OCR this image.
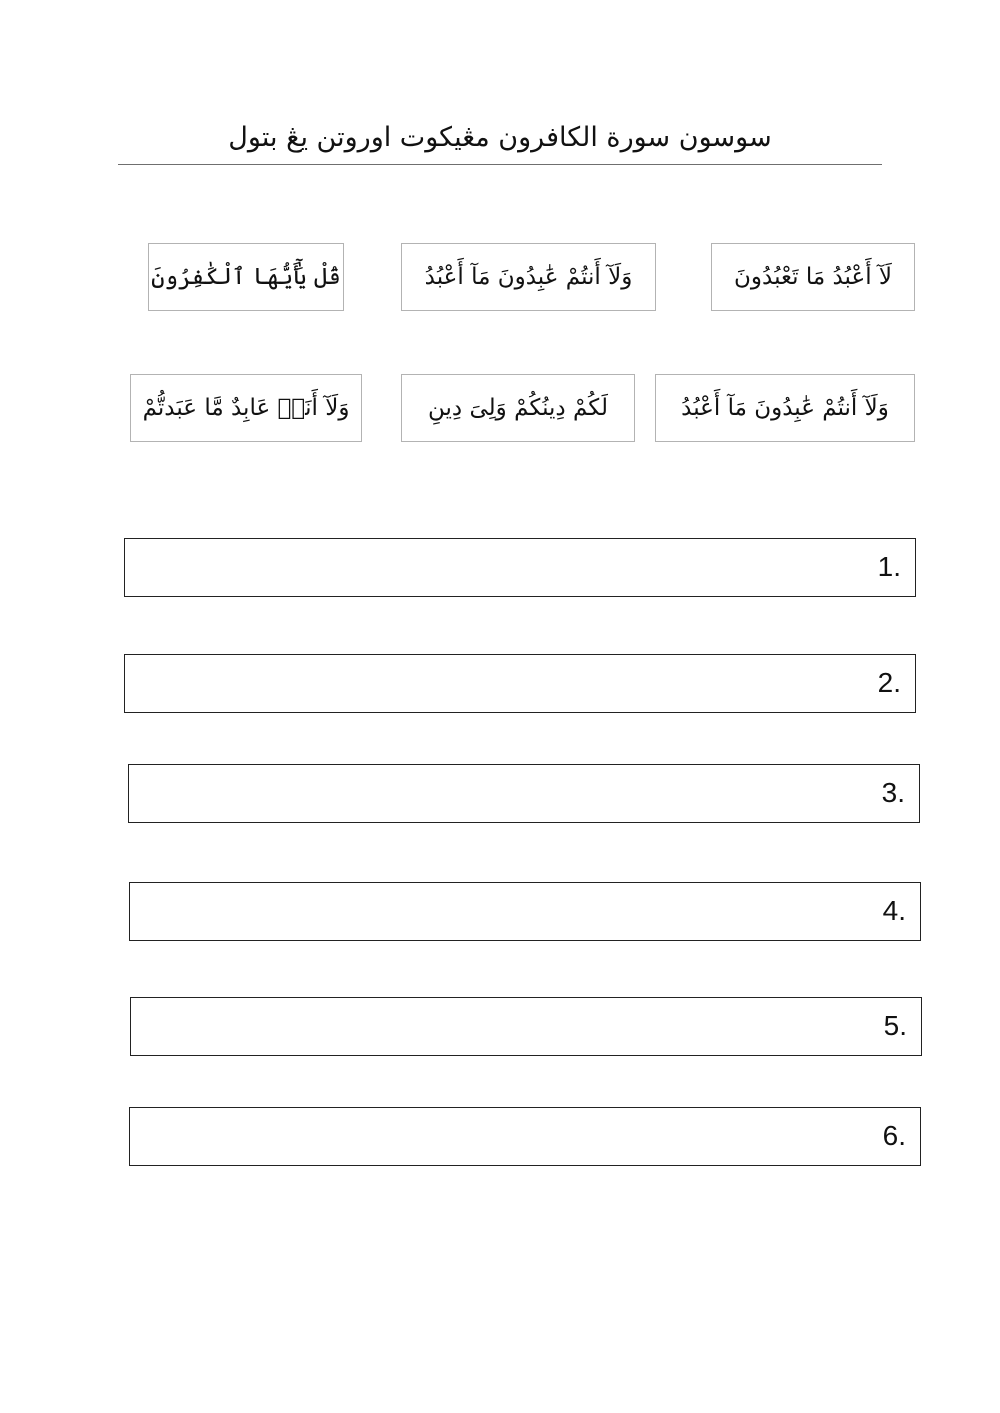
سوسون سورة الكافرون مڠيكوت اوروتن يڠ بتول
قُلْ يَٰٓأَيُّهَا ٱلْكَٰفِرُونَ	وَلَآ أَنتُمْ عَٰبِدُونَ مَآ أَعْبُدُ	لَآ أَعْبُدُ مَا تَعْبُدُونَ
وَلَآ أَنَا۠ عَابِدٌ مَّا عَبَدتُّمْ	لَكُمْ دِينُكُمْ وَلِىَ دِينِ	وَلَآ أَنتُمْ عَٰبِدُونَ مَآ أَعْبُدُ
.1
.2
.3
.4
.5
.6
